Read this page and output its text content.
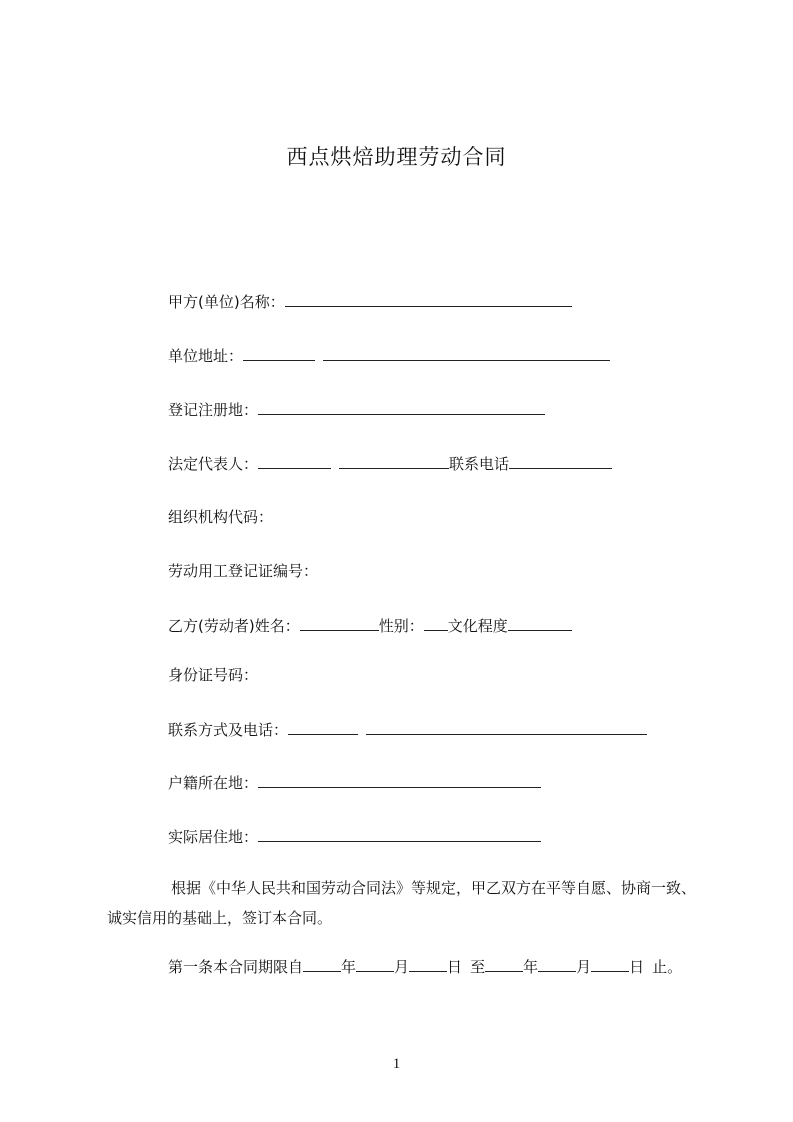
西点烘焙助理劳动合同
甲方(单位)名称：
单位地址：
登记注册地：
法定代表人：	联系电话
组织机构代码：
劳动用工登记证编号：
乙方(劳动者)姓名：	性别： 文化程度
身份证号码：
联系方式及电话：
户籍所在地：
实际居住地：
根据《中华人民共和国劳动合同法》等规定，甲乙双方在平等自愿、协商一致、诚实信用的基础上，签订本合同。
第一条本合同期限自	年	月	日 至	年	月	日 止。
1
